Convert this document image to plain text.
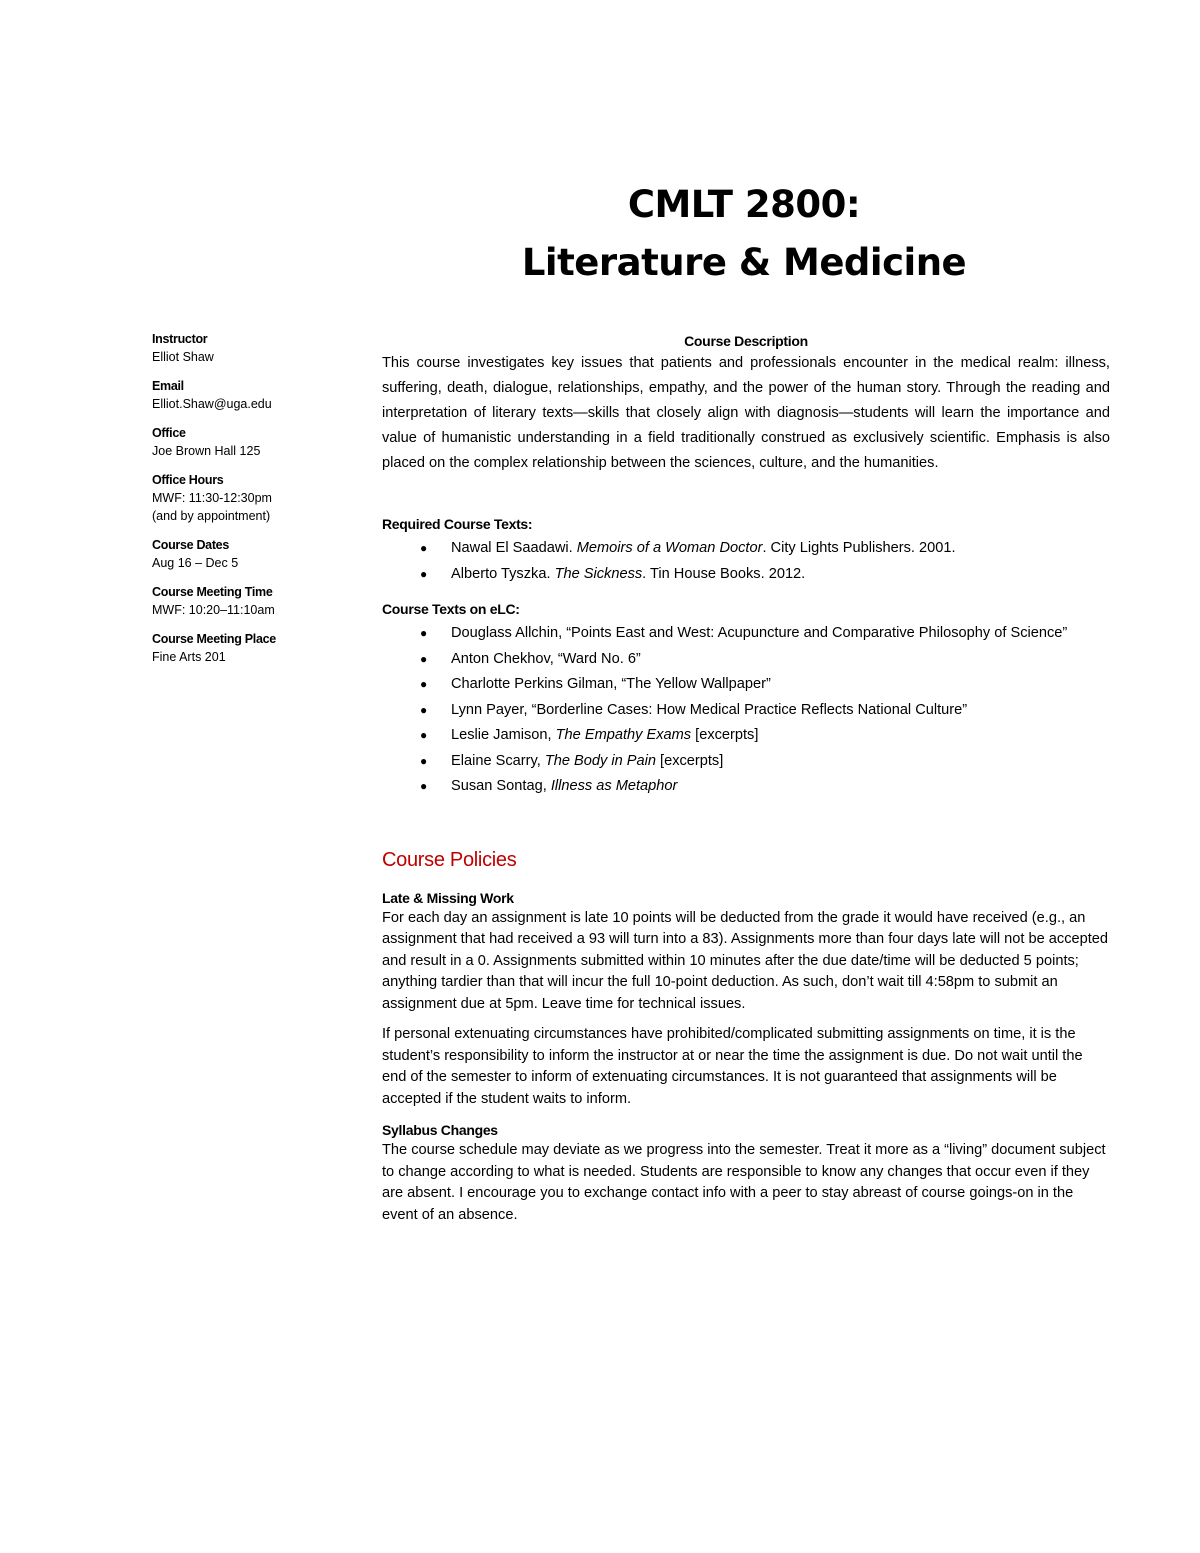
CMLT 2800:
Literature & Medicine
Instructor
Elliot Shaw
Email
Elliot.Shaw@uga.edu
Office
Joe Brown Hall 125
Office Hours
MWF: 11:30-12:30pm
(and by appointment)
Course Dates
Aug 16 – Dec 5
Course Meeting Time
MWF: 10:20–11:10am
Course Meeting Place
Fine Arts 201
Course Description

This course investigates key issues that patients and professionals encounter in the medical realm: illness, suffering, death, dialogue, relationships, empathy, and the power of the human story. Through the reading and interpretation of literary texts—skills that closely align with diagnosis—students will learn the importance and value of humanistic understanding in a field traditionally construed as exclusively scientific. Emphasis is also placed on the complex relationship between the sciences, culture, and the humanities.

Required Course Texts:
● Nawal El Saadawi. Memoirs of a Woman Doctor. City Lights Publishers. 2001.
● Alberto Tyszka. The Sickness. Tin House Books. 2012.
Course Texts on eLC:
● Douglass Allchin, “Points East and West: Acupuncture and Comparative Philosophy of Science”
● Anton Chekhov, “Ward No. 6”
● Charlotte Perkins Gilman, “The Yellow Wallpaper”
● Lynn Payer, “Borderline Cases: How Medical Practice Reflects National Culture”
● Leslie Jamison, The Empathy Exams [excerpts]
● Elaine Scarry, The Body in Pain [excerpts]
● Susan Sontag, Illness as Metaphor
Course Policies
Late & Missing Work

For each day an assignment is late 10 points will be deducted from the grade it would have received (e.g., an assignment that had received a 93 will turn into a 83). Assignments more than four days late will not be accepted and result in a 0. Assignments submitted within 10 minutes after the due date/time will be deducted 5 points; anything tardier than that will incur the full 10-point deduction. As such, don’t wait till 4:58pm to submit an assignment due at 5pm. Leave time for technical issues.

If personal extenuating circumstances have prohibited/complicated submitting assignments on time, it is the student’s responsibility to inform the instructor at or near the time the assignment is due. Do not wait until the end of the semester to inform of extenuating circumstances. It is not guaranteed that assignments will be accepted if the student waits to inform.

Syllabus Changes

The course schedule may deviate as we progress into the semester. Treat it more as a “living” document subject to change according to what is needed. Students are responsible to know any changes that occur even if they are absent. I encourage you to exchange contact info with a peer to stay abreast of course goings-on in the event of an absence.
